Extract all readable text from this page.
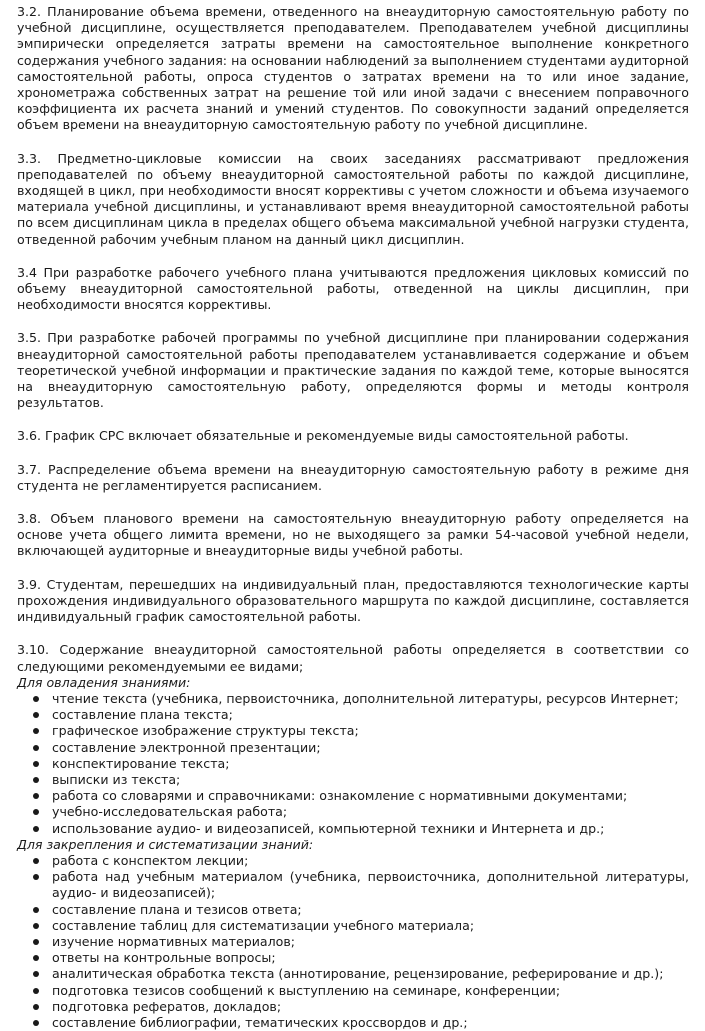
3.2. Планирование объема времени, отведенного на внеаудиторную самостоятельную работу по учебной дисциплине, осуществляется преподавателем. Преподавателем учебной дисциплины эмпирически определяется затраты времени на самостоятельное выполнение конкретного содержания учебного задания: на основании наблюдений за выполнением студентами аудиторной самостоятельной работы, опроса студентов о затратах времени на то или иное задание, хронометража собственных затрат на решение той или иной задачи с внесением поправочного коэффициента их расчета знаний и умений студентов. По совокупности заданий определяется объем времени на внеаудиторную самостоятельную работу по учебной дисциплине.

3.3. Предметно-цикловые комиссии на своих заседаниях рассматривают предложения преподавателей по объему внеаудиторной самостоятельной работы по каждой дисциплине, входящей в цикл, при необходимости вносят коррективы с учетом сложности и объема изучаемого материала учебной дисциплины, и устанавливают время внеаудиторной самостоятельной работы по всем дисциплинам цикла в пределах общего объема максимальной учебной нагрузки студента, отведенной рабочим учебным планом на данный цикл дисциплин.

3.4 При разработке рабочего учебного плана учитываются предложения цикловых комиссий по объему внеаудиторной самостоятельной работы, отведенной на циклы дисциплин, при необходимости вносятся коррективы.

3.5. При разработке рабочей программы по учебной дисциплине при планировании содержания внеаудиторной самостоятельной работы преподавателем устанавливается содержание и объем теоретической учебной информации и практические задания по каждой теме, которые выносятся на внеаудиторную самостоятельную работу, определяются формы и методы контроля результатов.

3.6. График СРС включает обязательные и рекомендуемые виды самостоятельной работы.

3.7. Распределение объема времени на внеаудиторную самостоятельную работу в режиме дня студента не регламентируется расписанием.

3.8. Объем планового времени на самостоятельную внеаудиторную работу определяется на основе учета общего лимита времени, но не выходящего за рамки 54-часовой учебной недели, включающей аудиторные и внеаудиторные виды учебной работы.

3.9. Студентам, перешедших на индивидуальный план, предоставляются технологические карты прохождения индивидуального образовательного маршрута по каждой дисциплине, составляется индивидуальный график самостоятельной работы.

3.10. Содержание внеаудиторной самостоятельной работы определяется в соответствии со следующими рекомендуемыми ее видами;

Для овладения знаниями:

чтение текста (учебника, первоисточника, дополнительной литературы, ресурсов Интернет;
составление плана текста;
графическое изображение структуры текста;
составление электронной презентации;
конспектирование текста;
выписки из текста;
работа со словарями и справочниками: ознакомление с нормативными документами;
учебно-исследовательская работа;
использование аудио- и видеозаписей, компьютерной техники и Интернета и др.;

Для закрепления и систематизации знаний:

работа с конспектом лекции;
работа над учебным материалом (учебника, первоисточника, дополнительной литературы, аудио- и видеозаписей);
составление плана и тезисов ответа;
составление таблиц для систематизации учебного материала;
изучение нормативных материалов;
ответы на контрольные вопросы;
аналитическая обработка текста (аннотирование, рецензирование, реферирование и др.);
подготовка тезисов сообщений к выступлению на семинаре, конференции;
подготовка рефератов, докладов;
составление библиографии, тематических кроссвордов и др.;
